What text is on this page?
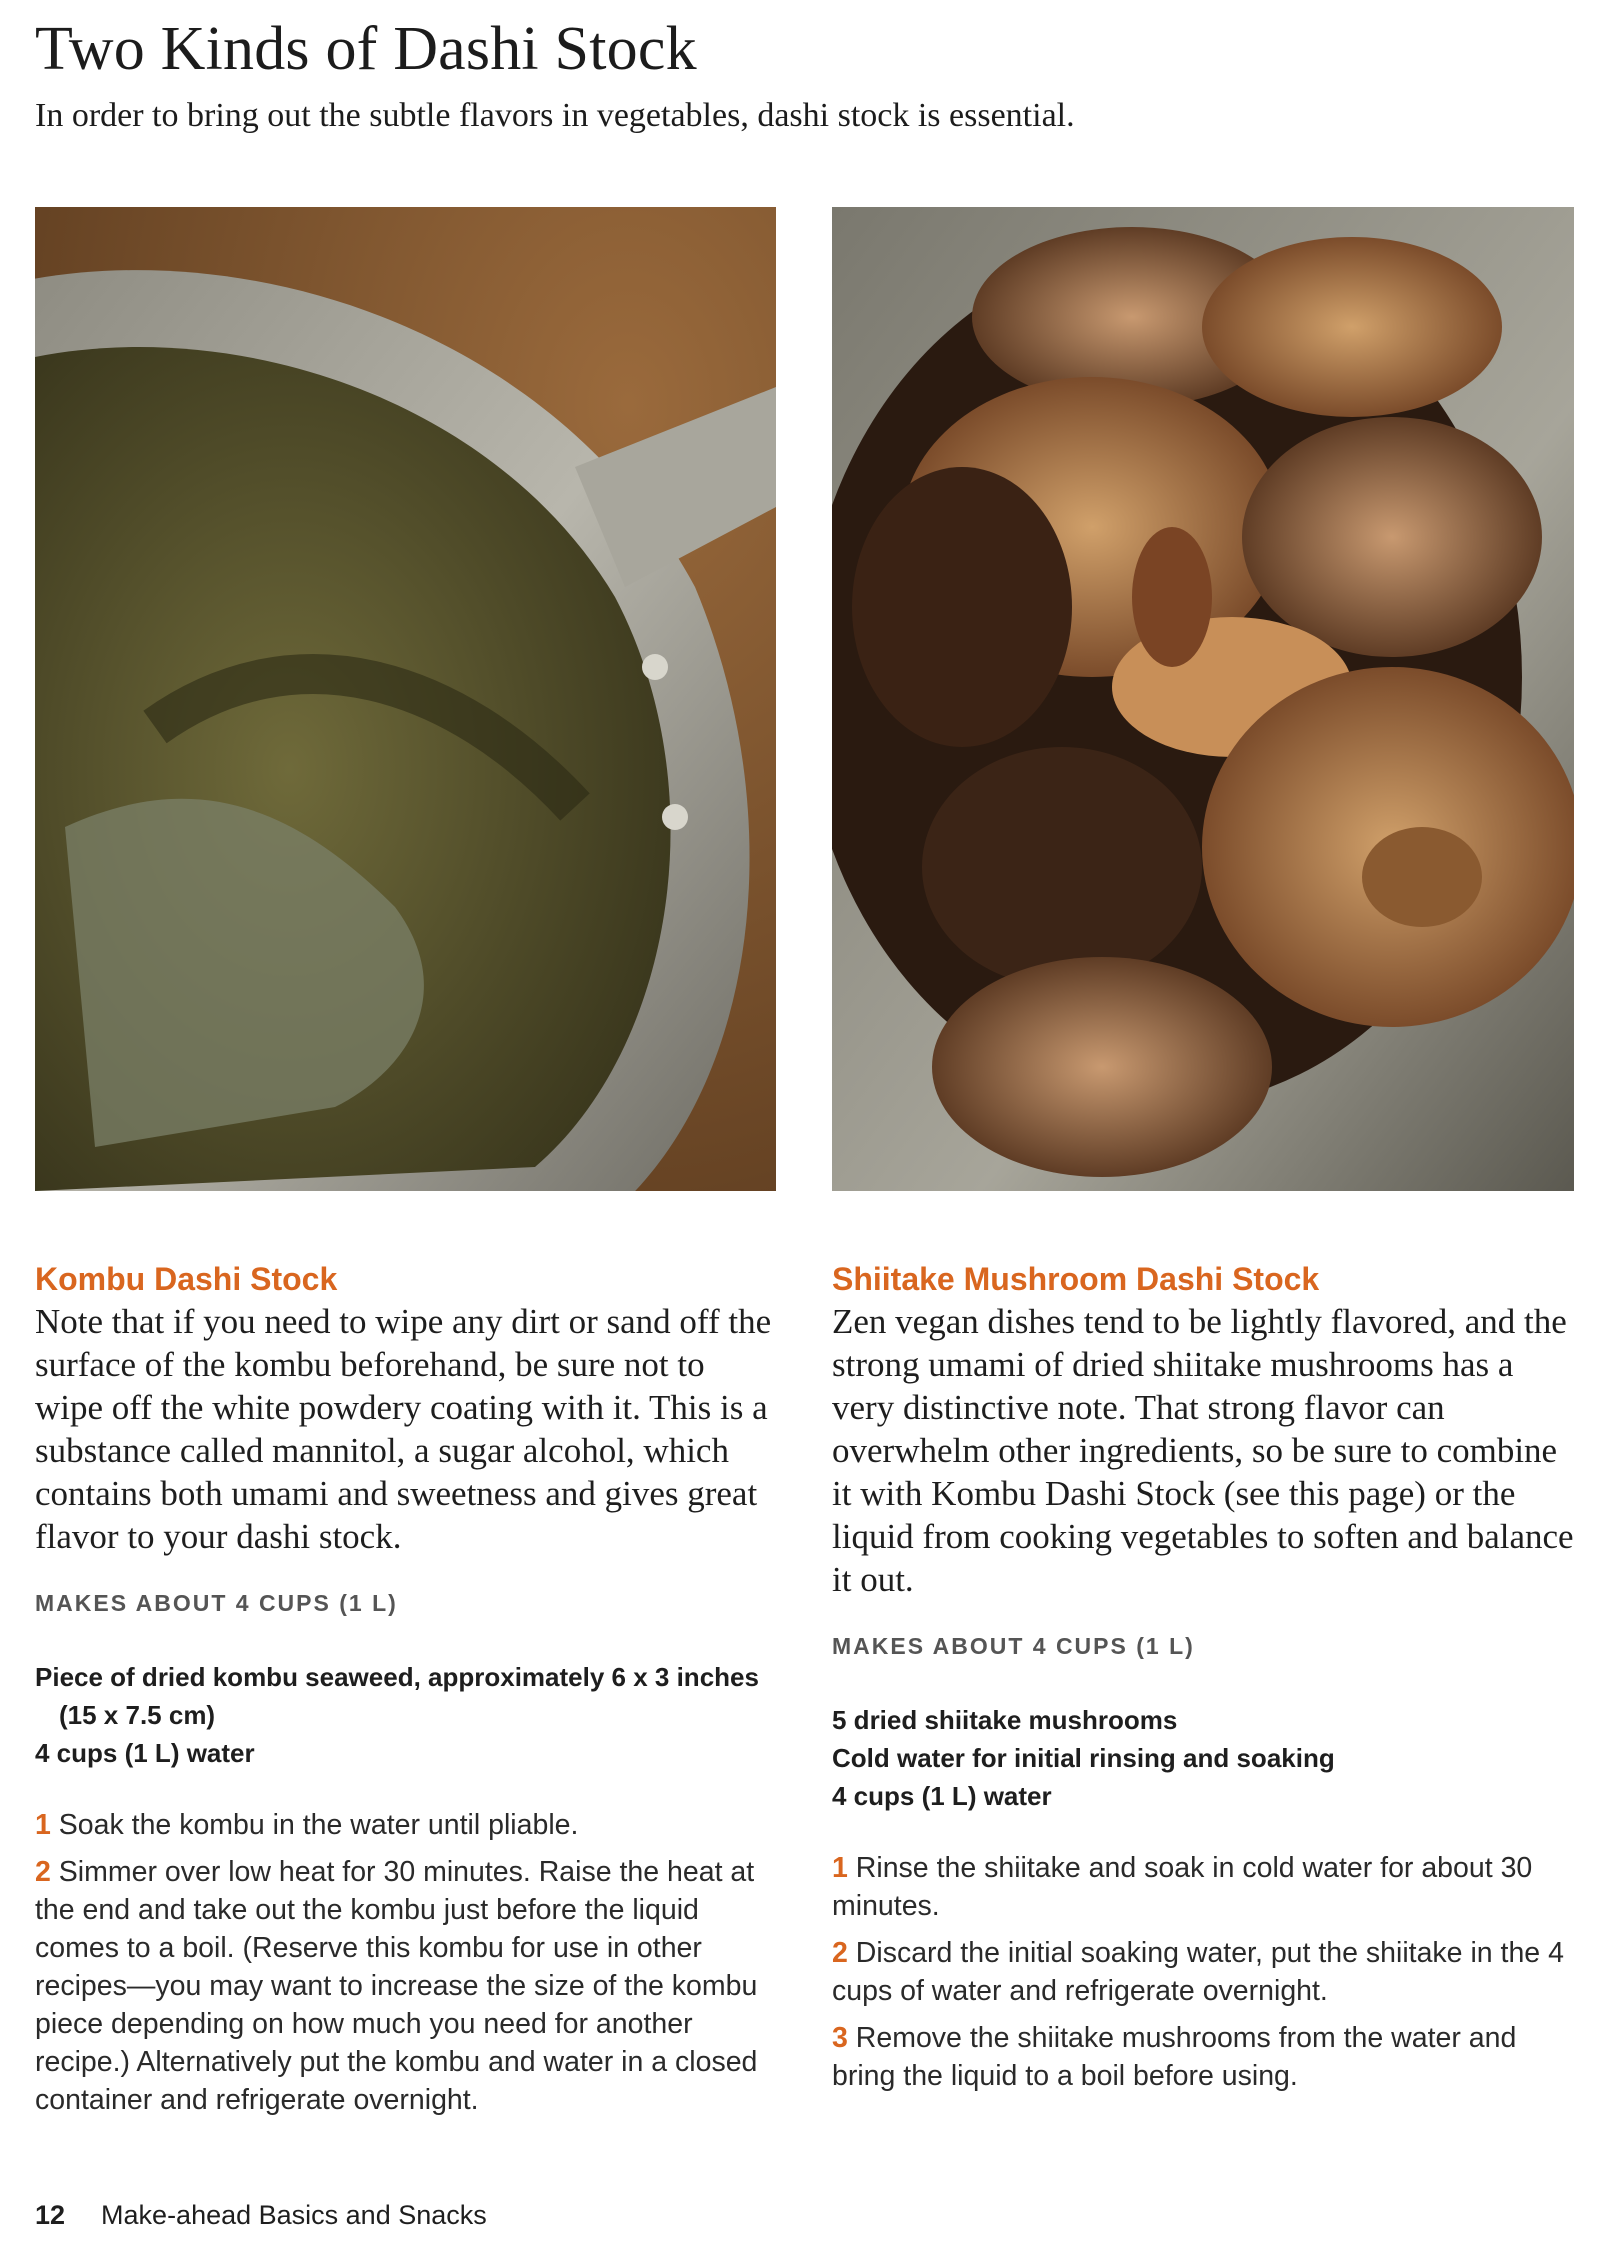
Two Kinds of Dashi Stock

In order to bring out the subtle flavors in vegetables, dashi stock is essential.

Kombu Dashi Stock

Note that if you need to wipe any dirt or sand off the surface of the kombu beforehand, be sure not to wipe off the white powdery coating with it. This is a substance called mannitol, a sugar alcohol, which contains both umami and sweetness and gives great flavor to your dashi stock.

MAKES ABOUT 4 CUPS (1 L)

Piece of dried kombu seaweed, approximately 6 x 3 inches (15 x 7.5 cm)
4 cups (1 L) water
1 Soak the kombu in the water until pliable.
2 Simmer over low heat for 30 minutes. Raise the heat at the end and take out the kombu just before the liquid comes to a boil. (Reserve this kombu for use in other recipes—you may want to increase the size of the kombu piece depending on how much you need for another recipe.) Alternatively put the kombu and water in a closed container and refrigerate overnight.
Shiitake Mushroom Dashi Stock

Zen vegan dishes tend to be lightly flavored, and the strong umami of dried shiitake mushrooms has a very distinctive note. That strong flavor can overwhelm other ingredients, so be sure to combine it with Kombu Dashi Stock (see this page) or the liquid from cooking vegetables to soften and balance it out.

MAKES ABOUT 4 CUPS (1 L)

5 dried shiitake mushrooms
Cold water for initial rinsing and soaking
4 cups (1 L) water
1 Rinse the shiitake and soak in cold water for about 30 minutes.
2 Discard the initial soaking water, put the shiitake in the 4 cups of water and refrigerate overnight.
3 Remove the shiitake mushrooms from the water and bring the liquid to a boil before using.
12 Make-ahead Basics and Snacks
